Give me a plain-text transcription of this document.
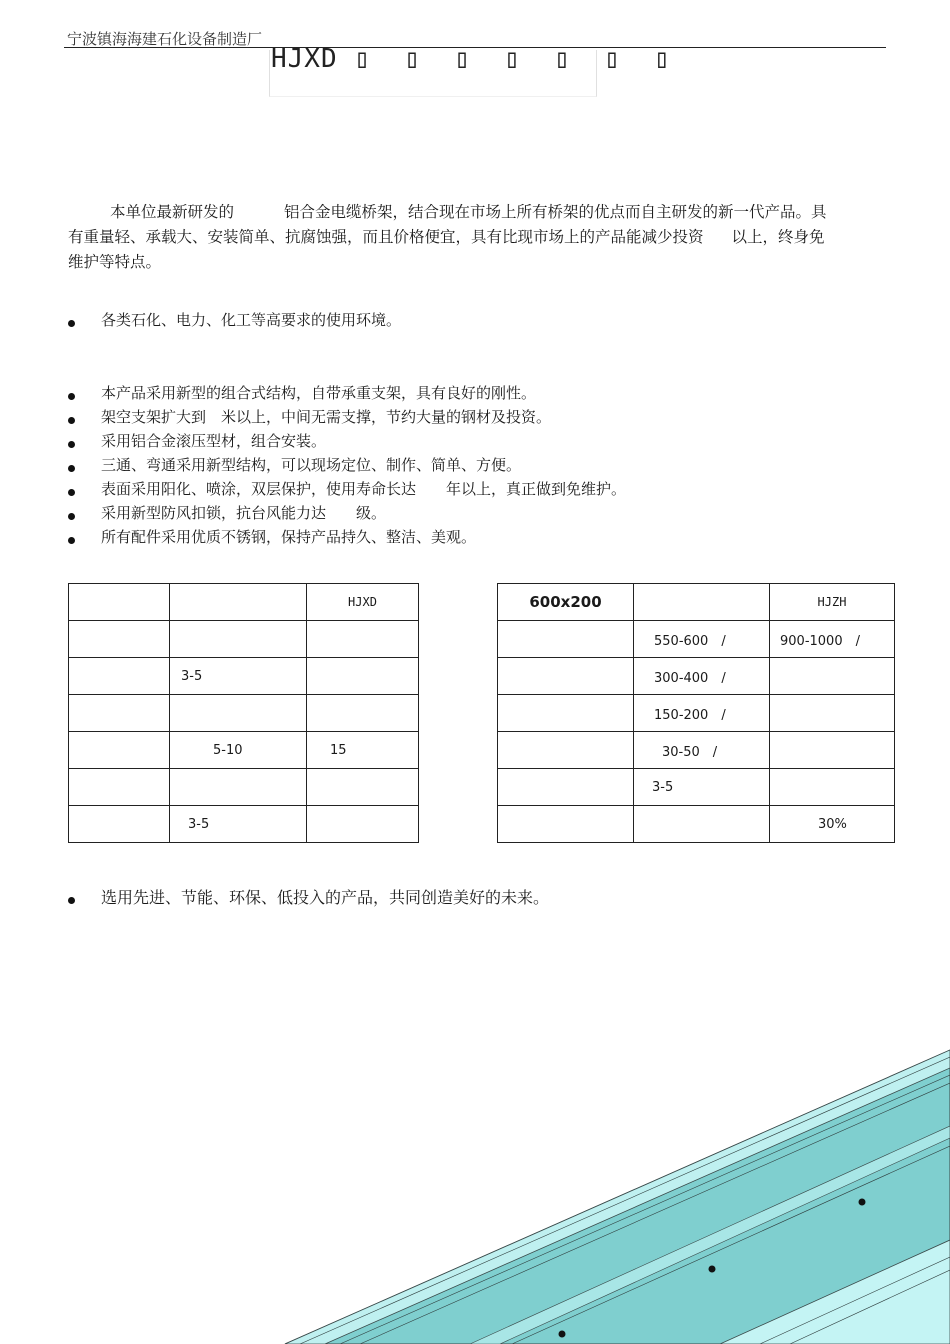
宁波镇海海建石化设备制造厂
HJXD ▯  ▯  ▯  ▯  ▯  ▯  ▯

本单位最新研发的	铝合金电缆桥架，结合现在市场上所有桥架的优点而自主研发的新一代产品。具

有重量轻、承载大、安装简单、抗腐蚀强，而且价格便宜，具有比现市场上的产品能减少投资 以上，终身免

维护等特点。

各类石化、电力、化工等高要求的使用环境。
本产品采用新型的组合式结构，自带承重支架，具有良好的刚性。
架空支架扩大到　米以上，中间无需支撑，节约大量的钢材及投资。
采用铝合金滚压型材，组合安装。
三通、弯通采用新型结构，可以现场定位、制作、简单、方便。
表面采用阳化、喷涂，双层保护，使用寿命长达　　年以上，真正做到免维护。
采用新型防风扣锁，抗台风能力达　　级。
所有配件采用优质不锈钢，保持产品持久、整洁、美观。
		HJXD

	3-5	

	5-10	15

	3-5	
600x200		HJZH
	550-600　/	900-1000　/
	300-400　/	
	150-200　/	
	30-50　/	
	3-5	
		30%
选用先进、节能、环保、低投入的产品，共同创造美好的未来。
